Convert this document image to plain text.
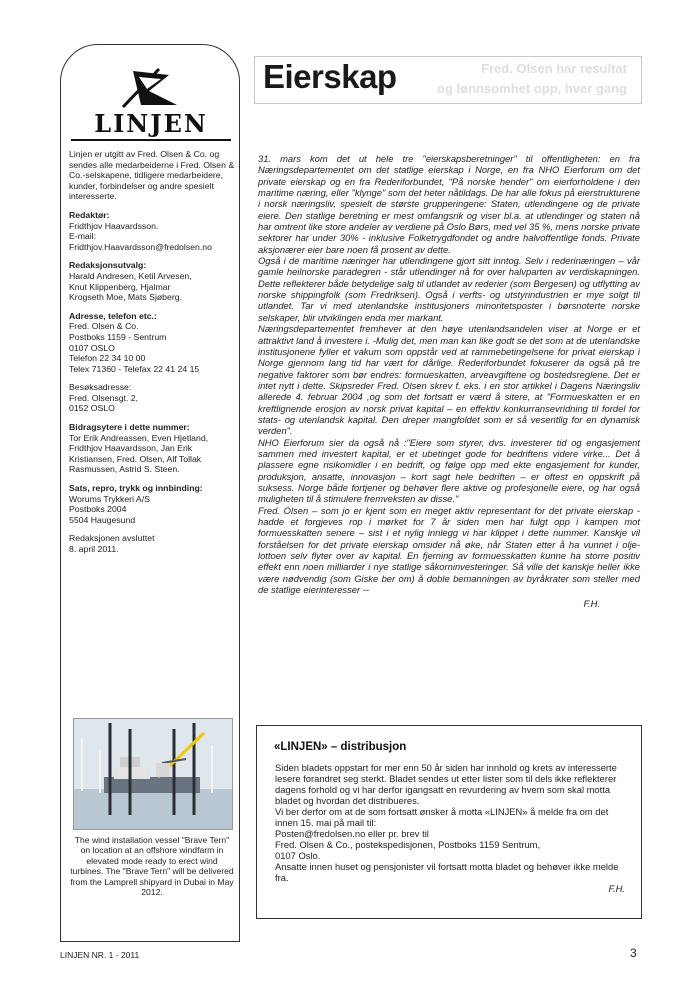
LINJEN

Linjen er utgitt av Fred. Olsen & Co. og sendes alle medarbeiderne i Fred. Olsen & Co.-selskapene, tidligere medarbeidere, kunder, forbindelser og andre spesielt interesserte.

Redaktør:

Fridthjov Haavardsson.

E-mail:

Fridthjov.Haavardsson@fredolsen.no

Redaksjonsutvalg:

Harald Andresen, Ketil Arvesen,

Knut Klippenberg, Hjalmar

Krogseth Moe, Mats Sjøberg.

Adresse, telefon etc.:

Fred. Olsen & Co.

Postboks 1159 - Sentrum

0107 OSLO

Telefon 22 34 10 00

Telex 71360 - Telefax 22 41 24 15

Besøksadresse:

Fred. Olsensgt. 2,

0152 OSLO

Bidragsytere i dette nummer:

Tor Erik Andreassen, Even Hjetland,

Fridthjov Haavardsson, Jan Erik

Kristiansen, Fred. Olsen, Alf Tollak

Rasmussen, Astrid S. Steen.

Sats, repro, trykk og innbinding:

Worums Trykkeri A/S

Postboks 2004

5504 Haugesund

Redaksjonen avsluttet

8. april 2011.

The wind installation vessel "Brave Tern" on location at an offshore windfarm in elevated mode ready to erect wind turbines. The "Brave Tern" will be delivered from the Lamprell shipyard in Dubai in May 2012.
Fred. Olsen har resultat
og lønnsomhet opp, hver gang
Eierskap

31. mars kom det ut hele tre "eierskapsberetninger" til offentligheten: en fra Næringsdepartementet om det statlige eierskap i Norge, en fra NHO Eierforum om det private eierskap og en fra Rederiforbundet, "På norske hender" om eierforholdene i den maritime næring, eller "klynge" som det heter nåtildags. De har alle fokus på eierstrukturene i norsk næringsliv, spesielt de største grupperingene: Staten, utlendingene og de private eiere. Den statlige beretning er mest omfangsrik og viser bl.a. at utlendinger og staten nå har omtrent like store andeler av verdiene på Oslo Børs, med vel 35 %, mens norske private sektorer har under 30% - inklusive Folketrygdfondet og andre halvoffentlige fonds. Private aksjonærer eier bare noen få prosent av dette.

Også i de maritime næringer har utlendingene gjort sitt inntog. Selv i rederinæringen – vår gamle heilnorske paradegren - står utlendinger nå for over halvparten av verdiskapningen. Dette reflekterer både betydelige salg til utlandet av rederier (som Bergesen) og utflytting av norske shippingfolk (som Fredriksen). Også i verfts- og utstyrindustrien er mye solgt til utlandet. Tar vi med utenlandske institusjoners minoritetsposter i børsnoterte norske selskaper, blir utviklingen enda mer markant.

Næringsdepartementet fremhever at den høye utenlandsandelen viser at Norge er et attraktivt land å investere i. -Mulig det, men man kan like godt se det som at de utenlandske institusjonene fyller et vakum som oppstår ved at rammebetingelsene for privat eierskap i Norge gjennom lang tid har vært for dårlige. Rederiforbundet fokuserer da også på tre negative faktorer som bør endres: formueskatten, arveavgiftene og bostedsreglene. Det er intet nytt i dette. Skipsreder Fred. Olsen skrev f. eks. i en stor artikkel i Dagens Næringsliv allerede 4. februar 2004 ,og som det fortsatt er værd å sitere, at "Formueskatten er en kreftlignende erosjon av norsk privat kapital – en effektiv konkurransevridning til fordel for stats- og utenlandsk kapital. Den dreper mangfoldet som er så vesentlig for en dynamisk verden".

NHO Eierforum sier da også nå :"Eiere som styrer, dvs. investerer tid og engasjement sammen med investert kapital, er et ubetinget gode for bedriftens videre virke... Det å plassere egne risikomidler i en bedrift, og følge opp med ekte engasjement for kunder, produksjon, ansatte, innovasjon – kort sagt hele bedriften – er oftest en oppskrift på suksess. Norge både fortjener og behøver flere aktive og profesjonelle eiere, og har også muligheten til å stimulere fremveksten av disse."

Fred. Olsen – som jo er kjent som en meget aktiv representant for det private eierskap - hadde et forgjeves rop i mørket for 7 år siden men har fulgt opp i kampen mot formuesskatten senere – sist i et nylig innlegg vi har klippet i dette nummer. Kanskje vil forståelsen for det private eierskap omsider nå øke, når Staten etter å ha vunnet i olje-lottoen selv flyter over av kapital. En fjerning av formuesskatten kunne ha storre positiv effekt enn noen milliarder i nye statlige såkorninvesteringer. Så ville det kanskje heller ikke være nødvendig (som Giske ber om) å doble bemanningen av byråkrater som steller med de statlige eierinteresser --

F.H.

«LINJEN» – distribusjon

Siden bladets oppstart for mer enn 50 år siden har innhold og krets av interesserte lesere forandret seg sterkt. Bladet sendes ut etter lister som til dels ikke reflekterer dagens forhold og vi har derfor igangsatt en revurdering av hvem som skal motta bladet og hvordan det distribueres.

Vi ber derfor om at de som fortsatt ønsker å motta «LINJEN» å melde fra om det innen 15. mai på mail til:

Posten@fredolsen.no eller pr. brev til

Fred. Olsen & Co., postekspedisjonen, Postboks 1159 Sentrum,

0107 Oslo.

Ansatte innen huset og pensjonister vil fortsatt motta bladet og behøver ikke melde fra.

F.H.

LINJEN NR. 1 - 2011	3
